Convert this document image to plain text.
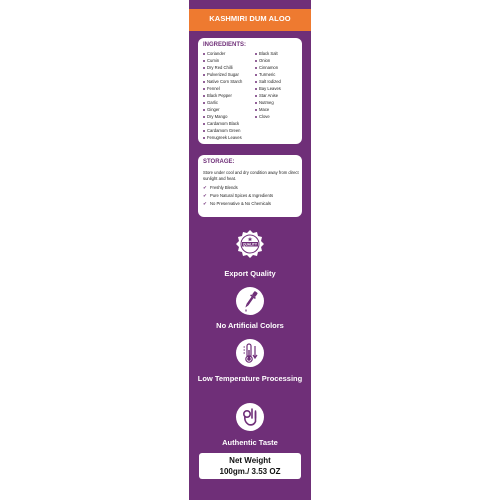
KASHMIRI DUM ALOO
INGREDIENTS:
Coriander
Cumin
Dry Red Chilli
Pulverized Sugar
Native Corn Starch
Fennel
Black Pepper
Garlic
Ginger
Dry Mango
Cardamom Black
Cardamom Green
Fenugreek Leaves
Black Salt
Onion
Cinnamon
Turmeric
Salt Iodized
Bay Leaves
Star Anise
Nutmeg
Mace
Clove
STORAGE:
Store under cool and dry condition away from direct sunlight and heat.
✔ Freshly Blends
✔ Pure Natural Spices & Ingredients
✔ No Preservative & No Chemicals
QUALITY
Export Quality
No Artificial Colors
Low Temperature Processing
Authentic Taste
Net Weight
100gm./ 3.53 OZ
